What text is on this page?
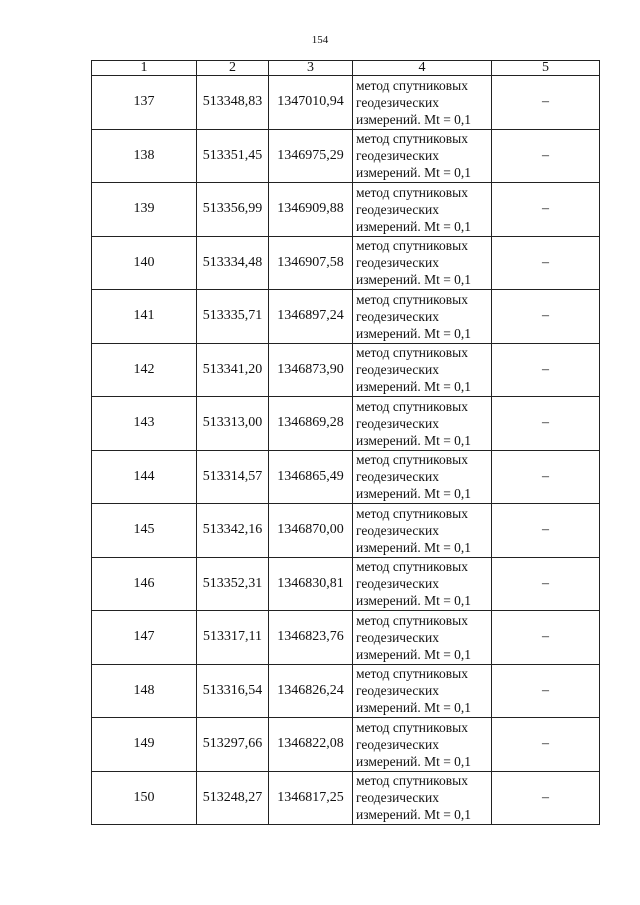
154
1	2	3	4	5
137	513348,83	1347010,94	метод спутниковых
геодезических
измерений. Mt = 0,1	–
138	513351,45	1346975,29	метод спутниковых
геодезических
измерений. Mt = 0,1	–
139	513356,99	1346909,88	метод спутниковых
геодезических
измерений. Mt = 0,1	–
140	513334,48	1346907,58	метод спутниковых
геодезических
измерений. Mt = 0,1	–
141	513335,71	1346897,24	метод спутниковых
геодезических
измерений. Mt = 0,1	–
142	513341,20	1346873,90	метод спутниковых
геодезических
измерений. Mt = 0,1	–
143	513313,00	1346869,28	метод спутниковых
геодезических
измерений. Mt = 0,1	–
144	513314,57	1346865,49	метод спутниковых
геодезических
измерений. Mt = 0,1	–
145	513342,16	1346870,00	метод спутниковых
геодезических
измерений. Mt = 0,1	–
146	513352,31	1346830,81	метод спутниковых
геодезических
измерений. Mt = 0,1	–
147	513317,11	1346823,76	метод спутниковых
геодезических
измерений. Mt = 0,1	–
148	513316,54	1346826,24	метод спутниковых
геодезических
измерений. Mt = 0,1	–
149	513297,66	1346822,08	метод спутниковых
геодезических
измерений. Mt = 0,1	–
150	513248,27	1346817,25	метод спутниковых
геодезических
измерений. Mt = 0,1	–
